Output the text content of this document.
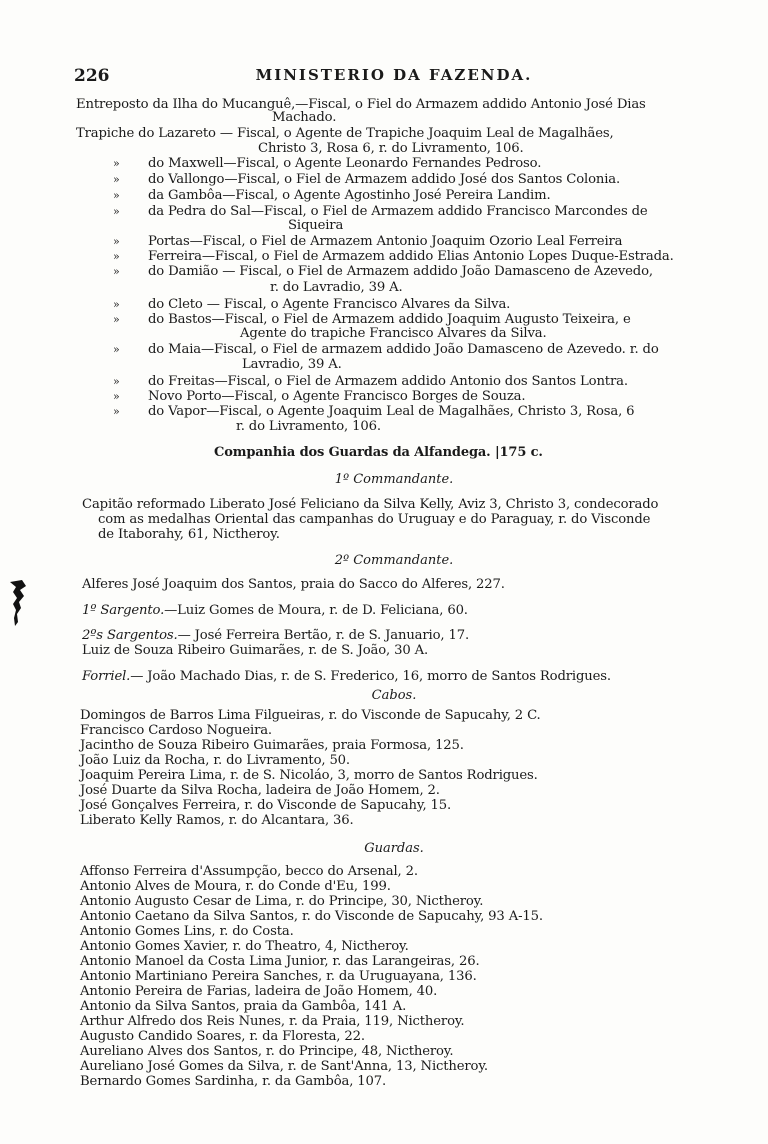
226	MINISTERIO DA FAZENDA.
Entreposto da Ilha do Mucanguê,—Fiscal, o Fiel do Armazem addido Antonio José Dias
Machado.
Trapiche do Lazareto — Fiscal, o Agente de Trapiche Joaquim Leal de Magalhães,
Christo 3, Rosa 6, r. do Livramento, 106.
» do Maxwell—Fiscal, o Agente Leonardo Fernandes Pedroso.
» do Vallongo—Fiscal, o Fiel de Armazem addido José dos Santos Colonia.
» da Gambôa—Fiscal, o Agente Agostinho José Pereira Landim.
» da Pedra do Sal—Fiscal, o Fiel de Armazem addido Francisco Marcondes de
Siqueira
» Portas—Fiscal, o Fiel de Armazem Antonio Joaquim Ozorio Leal Ferreira
» Ferreira—Fiscal, o Fiel de Armazem addido Elias Antonio Lopes Duque-Estrada.
» do Damião — Fiscal, o Fiel de Armazem addido João Damasceno de Azevedo,
r. do Lavradio, 39 A.
» do Cleto — Fiscal, o Agente Francisco Alvares da Silva.
» do Bastos—Fiscal, o Fiel de Armazem addido Joaquim Augusto Teixeira, e
Agente do trapiche Francisco Alvares da Silva.
» do Maia—Fiscal, o Fiel de armazem addido João Damasceno de Azevedo. r. do
Lavradio, 39 A.
» do Freitas—Fiscal, o Fiel de Armazem addido Antonio dos Santos Lontra.
» Novo Porto—Fiscal, o Agente Francisco Borges de Souza.
» do Vapor—Fiscal, o Agente Joaquim Leal de Magalhães, Christo 3, Rosa, 6
r. do Livramento, 106.
Companhia dos Guardas da Alfandega. |175 c.
1º Commandante.
Capitão reformado Liberato José Feliciano da Silva Kelly, Aviz 3, Christo 3, condecorado
com as medalhas Oriental das campanhas do Uruguay e do Paraguay, r. do Visconde
de Itaborahy, 61, Nictheroy.
2º Commandante.
Alferes José Joaquim dos Santos, praia do Sacco do Alferes, 227.
1º Sargento.—Luiz Gomes de Moura, r. de D. Feliciana, 60.
2ºs Sargentos.— José Ferreira Bertão, r. de S. Januario, 17.
Luiz de Souza Ribeiro Guimarães, r. de S. João, 30 A.
Forriel.— João Machado Dias, r. de S. Frederico, 16, morro de Santos Rodrigues.
Cabos.
Domingos de Barros Lima Filgueiras, r. do Visconde de Sapucahy, 2 C.
Francisco Cardoso Nogueira.
Jacintho de Souza Ribeiro Guimarães, praia Formosa, 125.
João Luiz da Rocha, r. do Livramento, 50.
Joaquim Pereira Lima, r. de S. Nicoláo, 3, morro de Santos Rodrigues.
José Duarte da Silva Rocha, ladeira de João Homem, 2.
José Gonçalves Ferreira, r. do Visconde de Sapucahy, 15.
Liberato Kelly Ramos, r. do Alcantara, 36.
Guardas.
Affonso Ferreira d'Assumpção, becco do Arsenal, 2.
Antonio Alves de Moura, r. do Conde d'Eu, 199.
Antonio Augusto Cesar de Lima, r. do Principe, 30, Nictheroy.
Antonio Caetano da Silva Santos, r. do Visconde de Sapucahy, 93 A-15.
Antonio Gomes Lins, r. do Costa.
Antonio Gomes Xavier, r. do Theatro, 4, Nictheroy.
Antonio Manoel da Costa Lima Junior, r. das Larangeiras, 26.
Antonio Martiniano Pereira Sanches, r. da Uruguayana, 136.
Antonio Pereira de Farias, ladeira de João Homem, 40.
Antonio da Silva Santos, praia da Gambôa, 141 A.
Arthur Alfredo dos Reis Nunes, r. da Praia, 119, Nictheroy.
Augusto Candido Soares, r. da Floresta, 22.
Aureliano Alves dos Santos, r. do Principe, 48, Nictheroy.
Aureliano José Gomes da Silva, r. de Sant'Anna, 13, Nictheroy.
Bernardo Gomes Sardinha, r. da Gambôa, 107.
